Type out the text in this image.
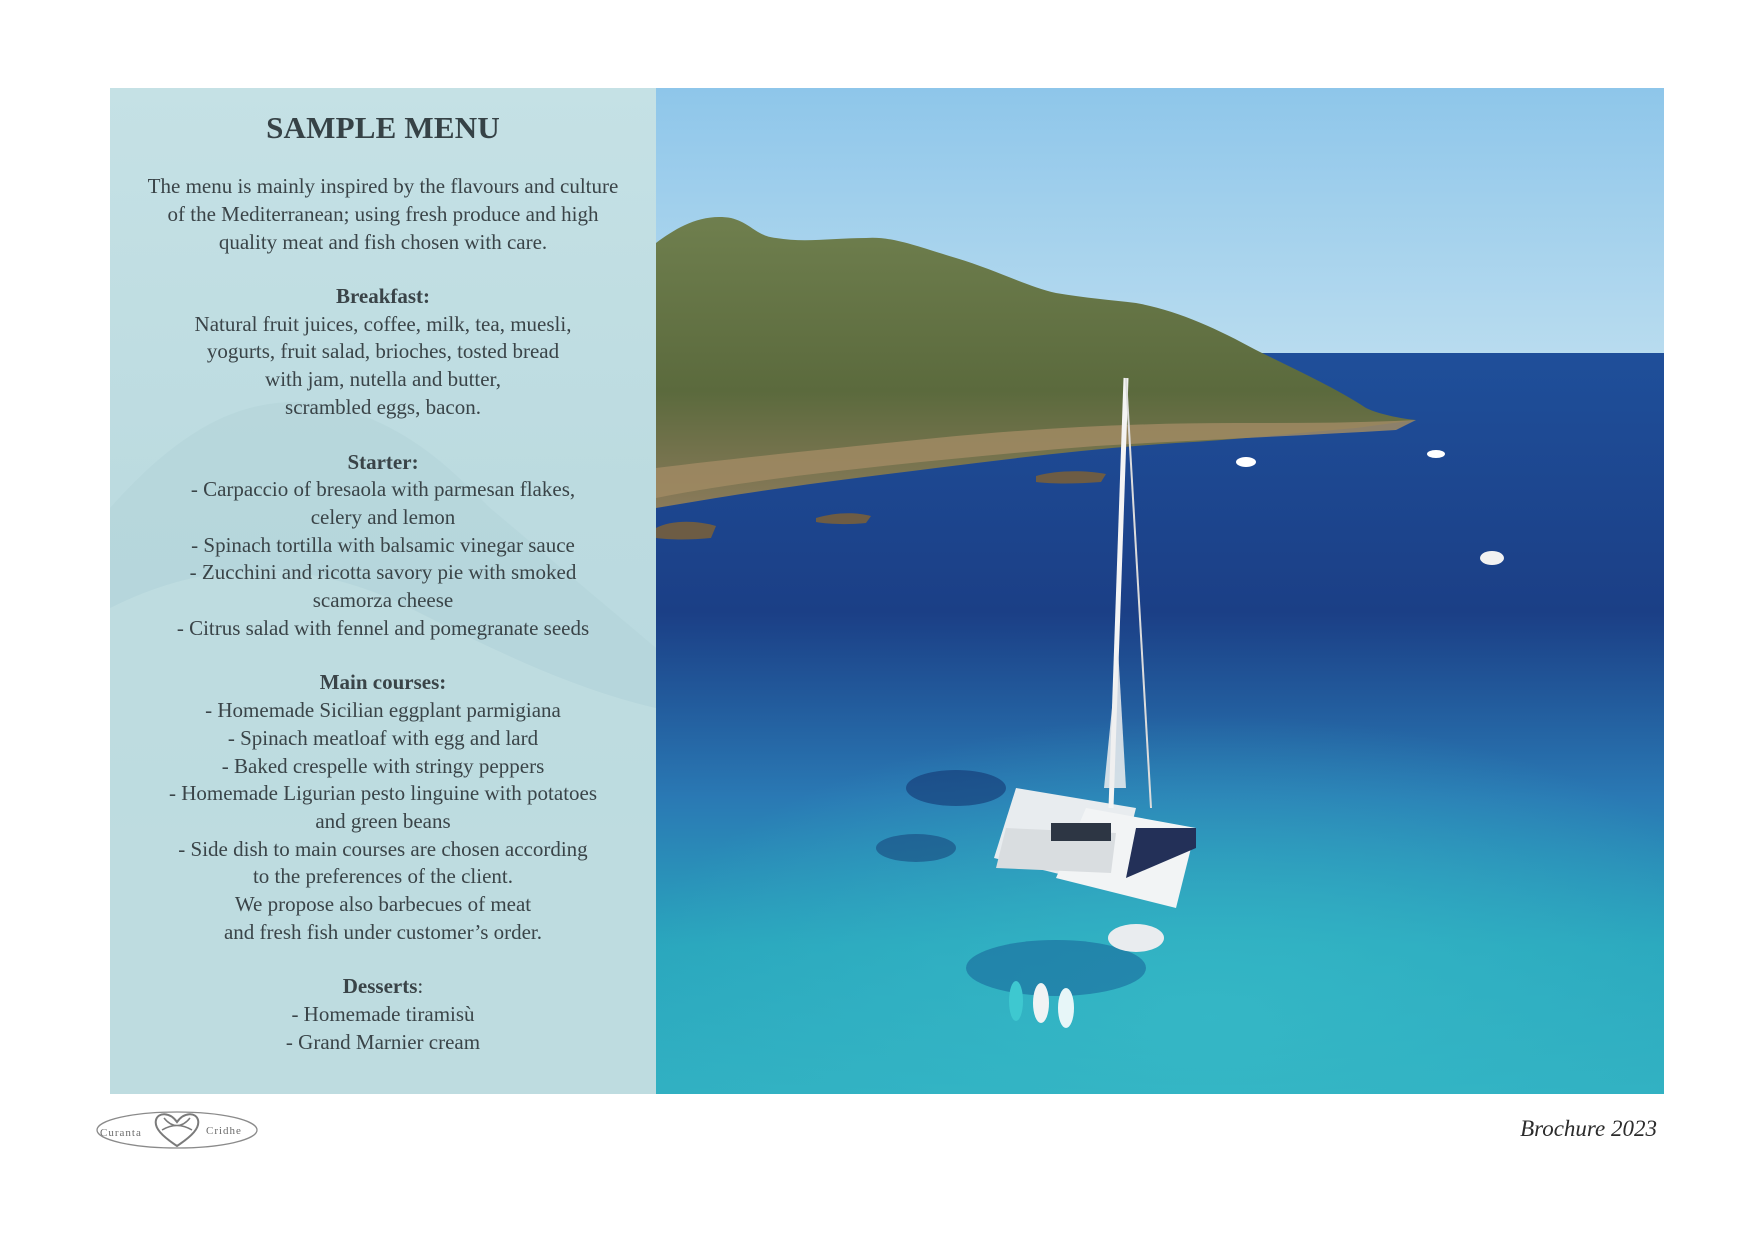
SAMPLE MENU
The menu is mainly inspired by the flavours and culture of the Mediterranean; using fresh produce and high quality meat and fish chosen with care.
Breakfast:
Natural fruit juices, coffee, milk, tea, muesli,
yogurts, fruit salad, brioches, tosted bread
with jam, nutella and butter,
scrambled eggs, bacon.
Starter:
- Carpaccio of bresaola with parmesan flakes,
celery and lemon
- Spinach tortilla with balsamic vinegar sauce
- Zucchini and ricotta savory pie with smoked
scamorza cheese
- Citrus salad with fennel and pomegranate seeds
Main courses:
- Homemade Sicilian eggplant parmigiana
- Spinach meatloaf with egg and lard
- Baked crespelle with stringy peppers
- Homemade Ligurian pesto linguine with potatoes
and green beans
- Side dish to main courses are chosen according
to the preferences of the client.
We propose also barbecues of meat
and fresh fish under customer’s order.
Desserts:
- Homemade tiramisù
- Grand Marnier cream
Curanta	Cridhe	Brochure 2023
